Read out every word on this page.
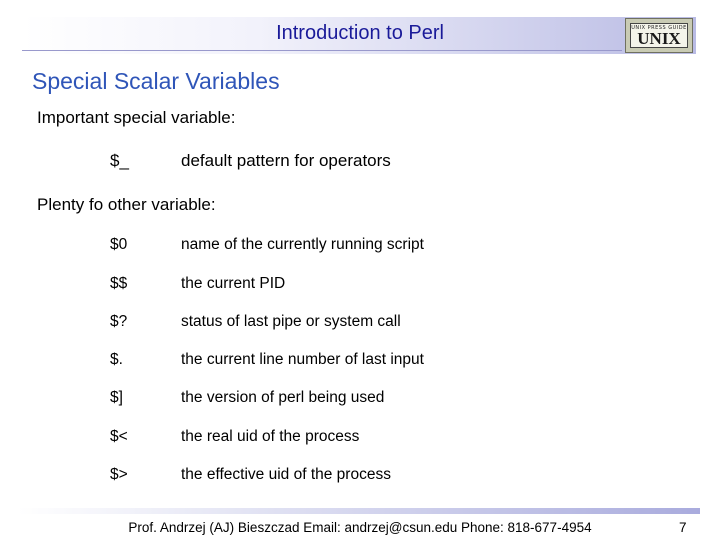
Introduction to Perl	UNIX PRESS GUIDE
UNIX
Special Scalar Variables
Important special variable:
$_	default pattern for operators
Plenty fo other variable:
$0	name of the currently running script
$$	the current PID
$?	status of last pipe or system call
$.	the current line number of last input
$]	the version of perl being used
$<	the real uid of the process
$>	the effective uid of the process
Prof. Andrzej (AJ) Bieszczad Email: andrzej@csun.edu Phone: 818-677-4954	7
